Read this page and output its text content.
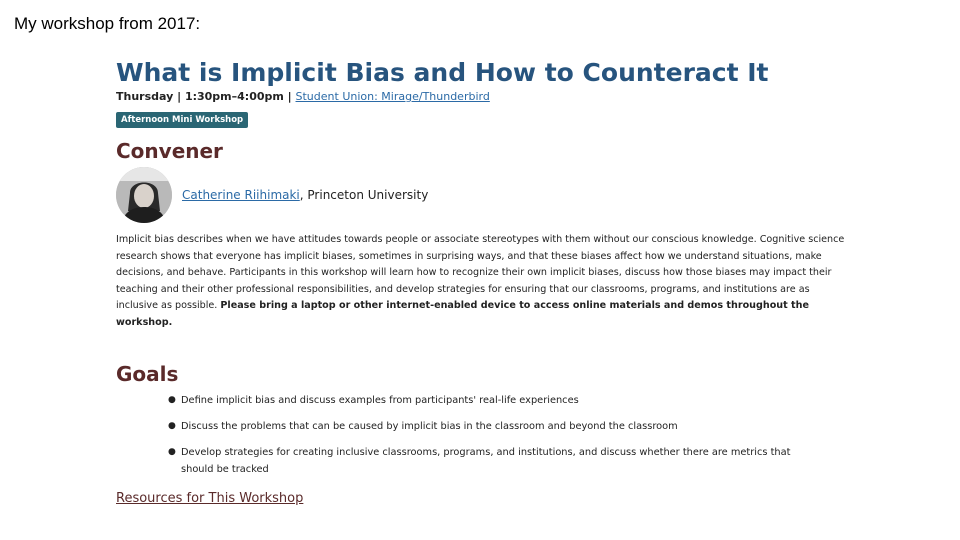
My workshop from 2017:
What is Implicit Bias and How to Counteract It
Thursday | 1:30pm–4:00pm | Student Union: Mirage/Thunderbird
Afternoon Mini Workshop
Convener
Catherine Riihimaki, Princeton University
Implicit bias describes when we have attitudes towards people or associate stereotypes with them without our conscious knowledge. Cognitive science research shows that everyone has implicit biases, sometimes in surprising ways, and that these biases affect how we understand situations, make decisions, and behave. Participants in this workshop will learn how to recognize their own implicit biases, discuss how those biases may impact their teaching and their other professional responsibilities, and develop strategies for ensuring that our classrooms, programs, and institutions are as inclusive as possible. Please bring a laptop or other internet-enabled device to access online materials and demos throughout the workshop.
Goals
● Define implicit bias and discuss examples from participants' real-life experiences
● Discuss the problems that can be caused by implicit bias in the classroom and beyond the classroom
● Develop strategies for creating inclusive classrooms, programs, and institutions, and discuss whether there are metrics that should be tracked
Resources for This Workshop
